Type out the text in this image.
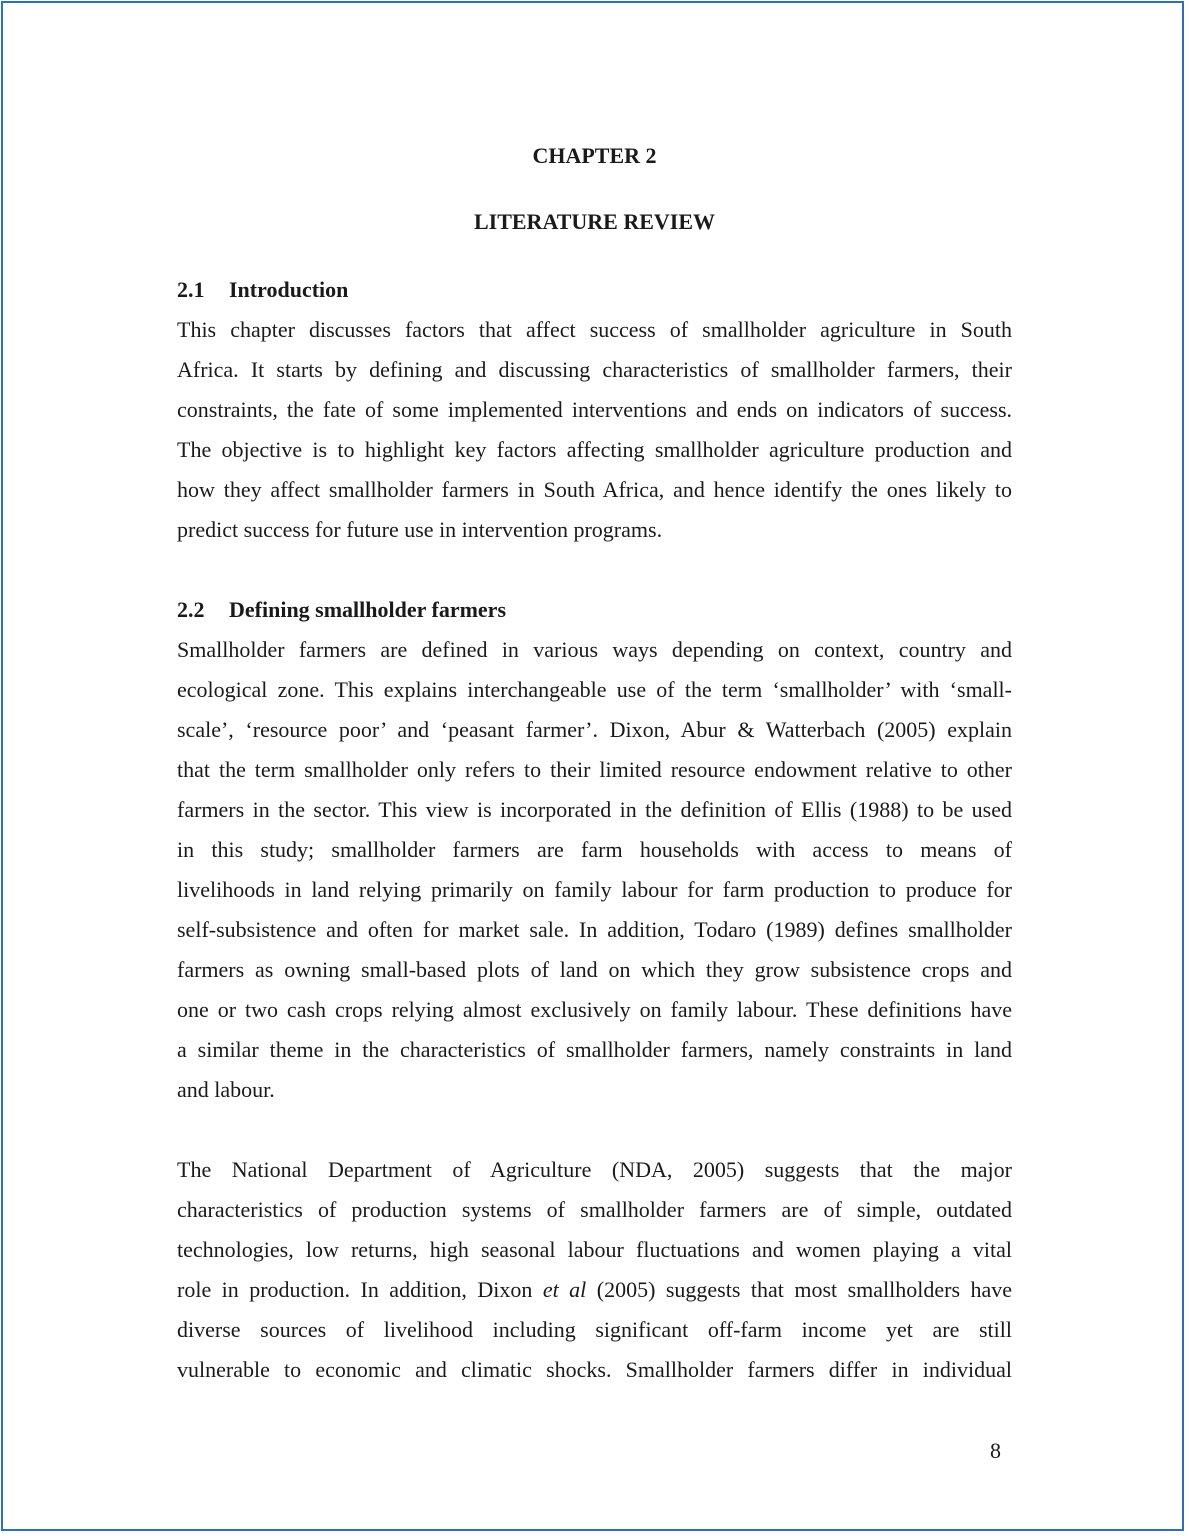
CHAPTER 2
LITERATURE REVIEW
2.1 Introduction
This chapter discusses factors that affect success of smallholder agriculture in South
Africa. It starts by defining and discussing characteristics of smallholder farmers, their
constraints, the fate of some implemented interventions and ends on indicators of success.
The objective is to highlight key factors affecting smallholder agriculture production and
how they affect smallholder farmers in South Africa, and hence identify the ones likely to
predict success for future use in intervention programs.
2.2 Defining smallholder farmers
Smallholder farmers are defined in various ways depending on context, country and
ecological zone. This explains interchangeable use of the term ‘smallholder’ with ‘small-
scale’, ‘resource poor’ and ‘peasant farmer’. Dixon, Abur & Watterbach (2005) explain
that the term smallholder only refers to their limited resource endowment relative to other
farmers in the sector. This view is incorporated in the definition of Ellis (1988) to be used
in this study; smallholder farmers are farm households with access to means of
livelihoods in land relying primarily on family labour for farm production to produce for
self-subsistence and often for market sale. In addition, Todaro (1989) defines smallholder
farmers as owning small-based plots of land on which they grow subsistence crops and
one or two cash crops relying almost exclusively on family labour. These definitions have
a similar theme in the characteristics of smallholder farmers, namely constraints in land
and labour.
The National Department of Agriculture (NDA, 2005) suggests that the major
characteristics of production systems of smallholder farmers are of simple, outdated
technologies, low returns, high seasonal labour fluctuations and women playing a vital
role in production. In addition, Dixon et al (2005) suggests that most smallholders have
diverse sources of livelihood including significant off-farm income yet are still
vulnerable to economic and climatic shocks. Smallholder farmers differ in individual
8
